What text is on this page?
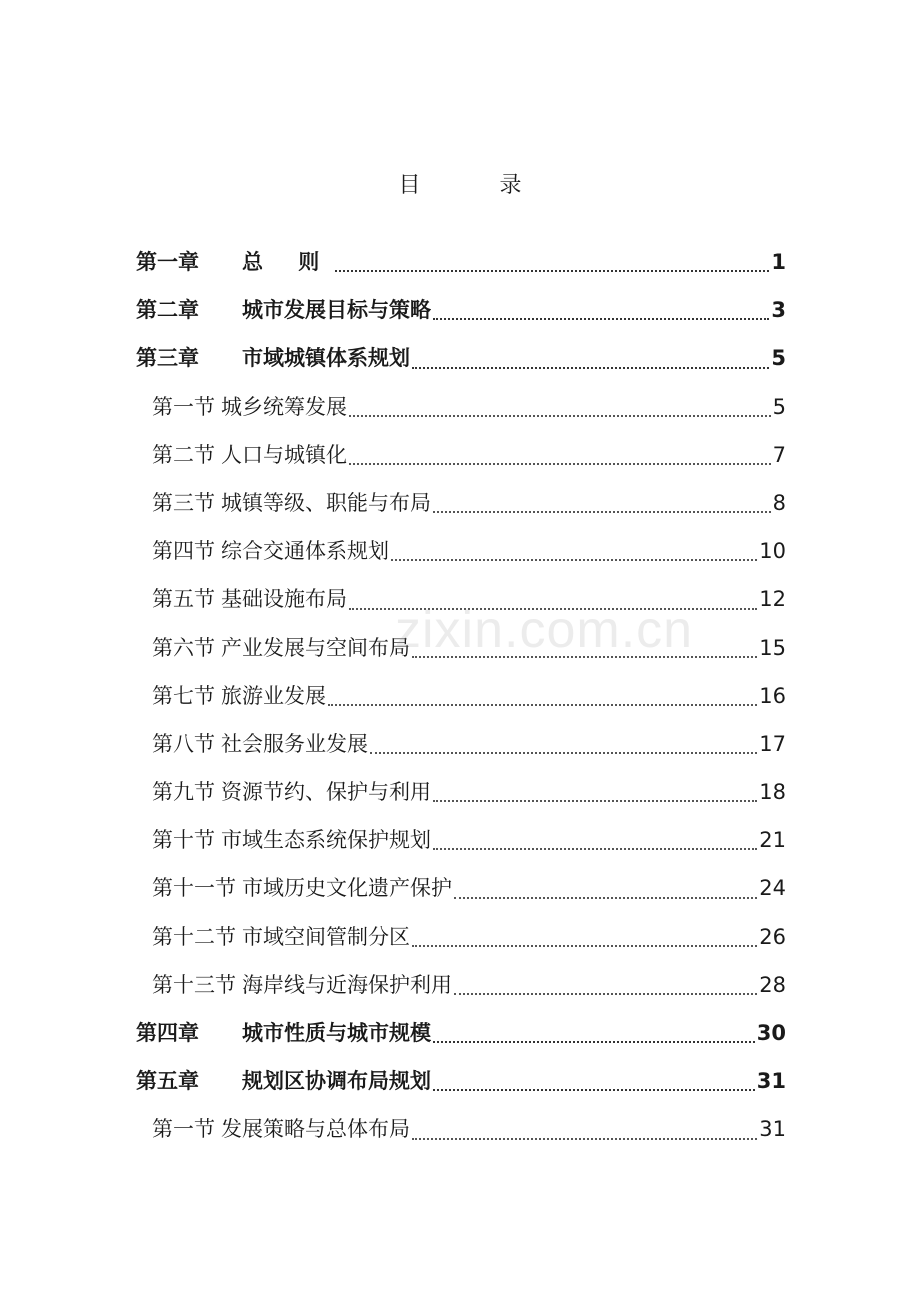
目 录
第一章	总 则	1
第二章	城市发展目标与策略	3
第三章	市域城镇体系规划	5
第一节 城乡统筹发展	5
第二节 人口与城镇化	7
第三节 城镇等级、职能与布局	8
第四节 综合交通体系规划	10
第五节 基础设施布局	12
第六节 产业发展与空间布局	15
第七节 旅游业发展	16
第八节 社会服务业发展	17
第九节 资源节约、保护与利用	18
第十节 市域生态系统保护规划	21
第十一节 市域历史文化遗产保护	24
第十二节 市域空间管制分区	26
第十三节 海岸线与近海保护利用	28
第四章	城市性质与城市规模	30
第五章	规划区协调布局规划	31
第一节 发展策略与总体布局	31
zixin.com.cn
